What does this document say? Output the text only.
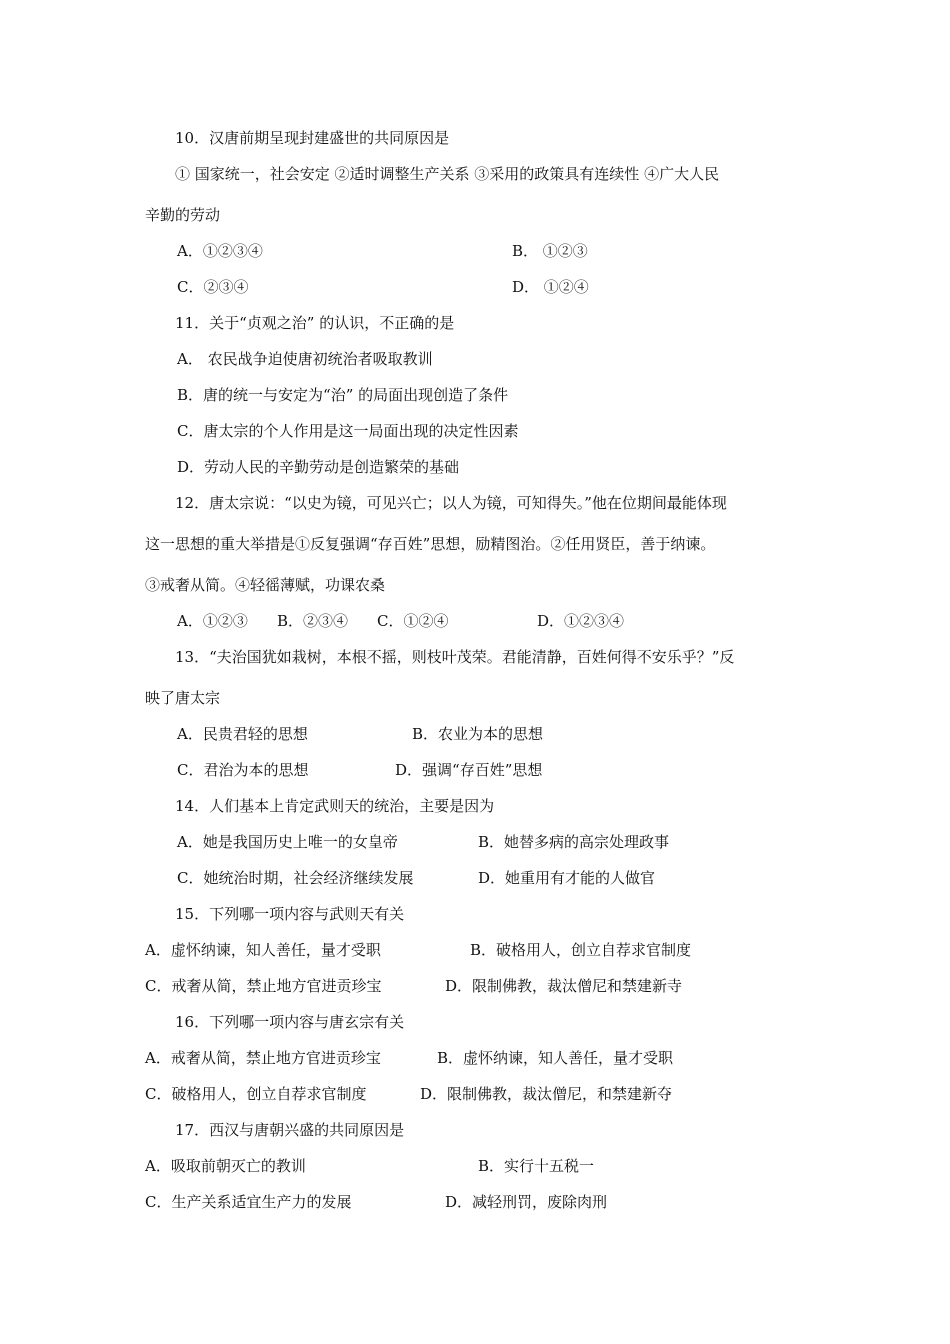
10．汉唐前期呈现封建盛世的共同原因是
① 国家统一，社会安定 ②适时调整生产关系 ③采用的政策具有连续性 ④广大人民
辛勤的劳动
A．①②③④	B． ①②③
C．②③④	D． ①②④
11．关于“贞观之治” 的认识，不正确的是
A． 农民战争迫使唐初统治者吸取教训
B．唐的统一与安定为“治” 的局面出现创造了条件
C．唐太宗的个人作用是这一局面出现的决定性因素
D．劳动人民的辛勤劳动是创造繁荣的基础
12．唐太宗说：“以史为镜，可见兴亡；以人为镜，可知得失。”他在位期间最能体现
这一思想的重大举措是①反复强调“存百姓”思想，励精图治。②任用贤臣，善于纳谏。
③戒奢从简。④轻徭薄赋，功课农桑
A．①②③ B．②③④ C．①②④	D．①②③④
13．“夫治国犹如栽树，本根不摇，则枝叶茂荣。君能清静，百姓何得不安乐乎？”反
映了唐太宗
A．民贵君轻的思想	B．农业为本的思想
C．君治为本的思想	D．强调“存百姓”思想
14．人们基本上肯定武则天的统治，主要是因为
A．她是我国历史上唯一的女皇帝	B．她替多病的高宗处理政事
C．她统治时期，社会经济继续发展	D．她重用有才能的人做官
15．下列哪一项内容与武则天有关
A．虚怀纳谏，知人善任，量才受职	B．破格用人，创立自荐求官制度
C．戒奢从简，禁止地方官进贡珍宝	D．限制佛教，裁汰僧尼和禁建新寺
16．下列哪一项内容与唐玄宗有关
A．戒奢从简，禁止地方官进贡珍宝	B．虚怀纳谏，知人善任，量才受职
C．破格用人，创立自荐求官制度	D．限制佛教，裁汰僧尼，和禁建新夺
17．西汉与唐朝兴盛的共同原因是
A．吸取前朝灭亡的教训	B．实行十五税一
C．生产关系适宜生产力的发展	D．减轻刑罚，废除肉刑
